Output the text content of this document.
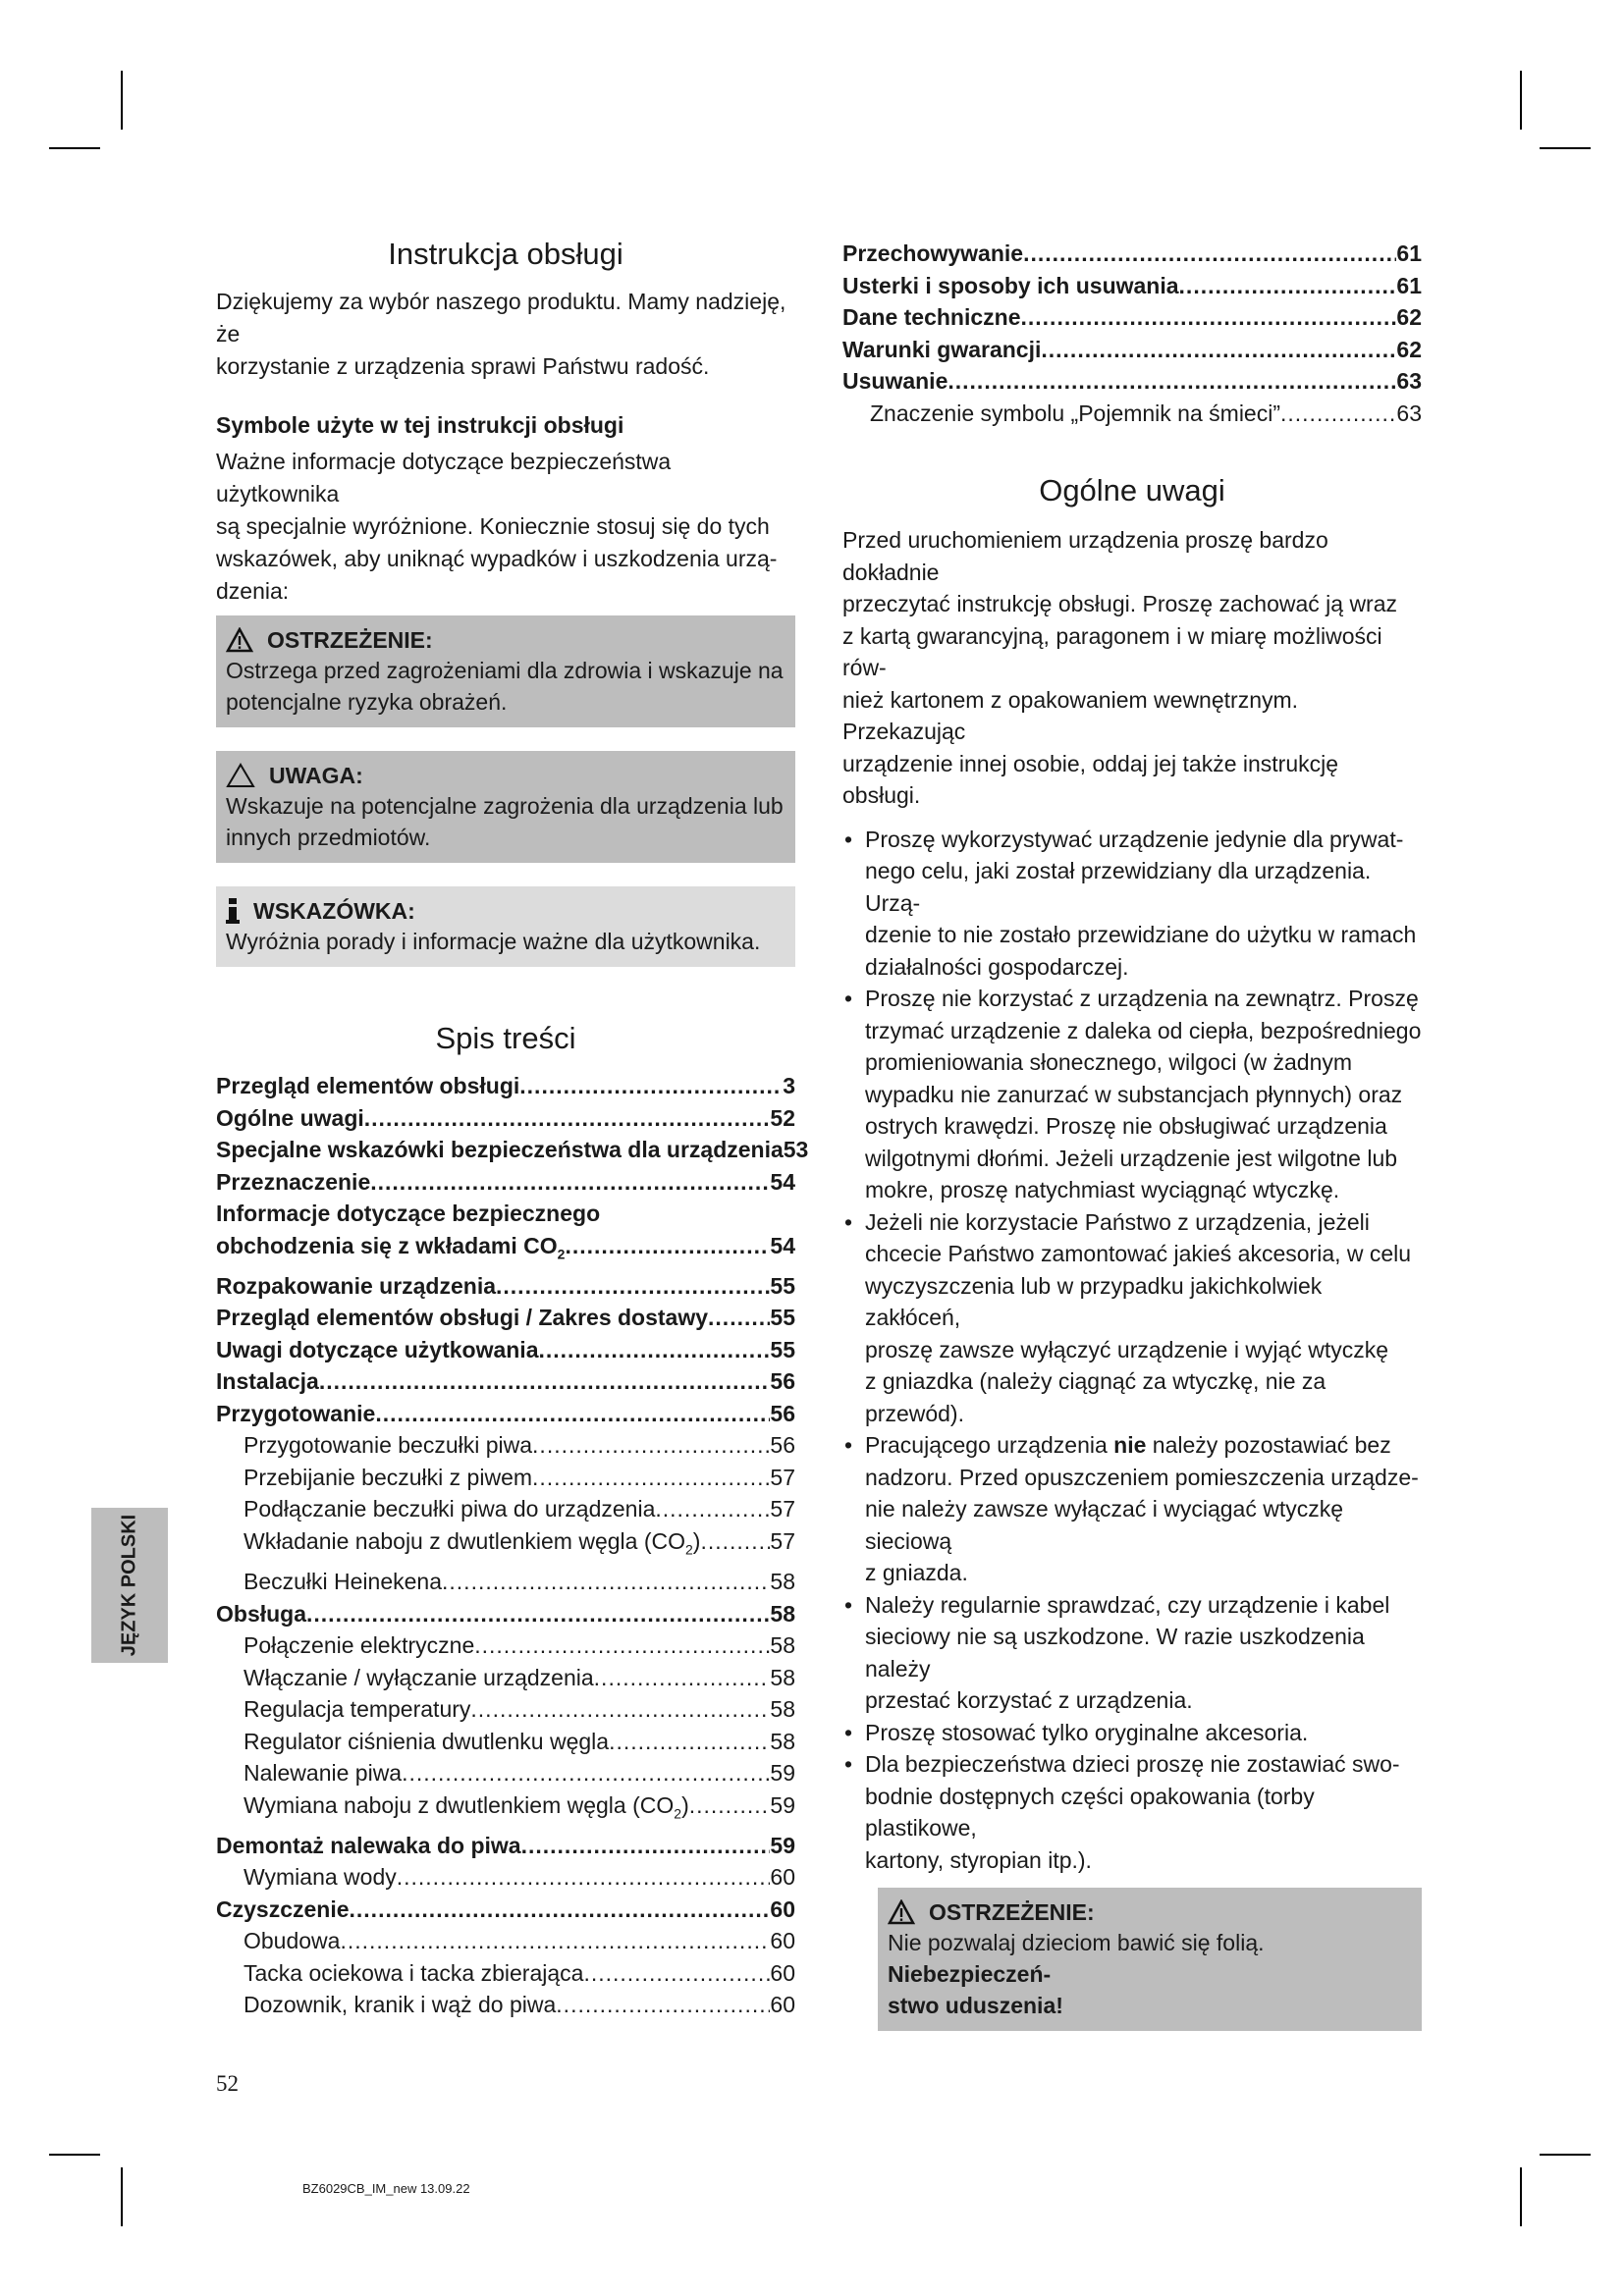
Instrukcja obsługi

Dziękujemy za wybór naszego produktu. Mamy nadzieję, że
korzystanie z urządzenia sprawi Państwu radość.

Symbole użyte w tej instrukcji obsługi

Ważne informacje dotyczące bezpieczeństwa użytkownika
są specjalnie wyróżnione. Koniecznie stosuj się do tych
wskazówek, aby uniknąć wypadków i uszkodzenia urzą-
dzenia:

OSTRZEŻENIE:
Ostrzega przed zagrożeniami dla zdrowia i wskazuje na
potencjalne ryzyka obrażeń.
UWAGA:
Wskazuje na potencjalne zagrożenia dla urządzenia lub
innych przedmiotów.
WSKAZÓWKA:
Wyróżnia porady i informacje ważne dla użytkownika.
Spis treści
Przegląd elementów obsługi .....	3
Ogólne uwagi .....	52
Specjalne wskazówki bezpieczeństwa dla urządzenia 53
Przeznaczenie .....	54
Informacje dotyczące bezpiecznego
obchodzenia się z wkładami $CO_2$ .....	54
Rozpakowanie urządzenia .....	55
Przegląd elementów obsługi / Zakres dostawy .....	55
Uwagi dotyczące użytkowania .....	55
Instalacja .....	56
Przygotowanie .....	56
Przygotowanie beczułki piwa .....	56
Przebijanie beczułki z piwem .....	57
Podłączanie beczułki piwa do urządzenia .....	57
Wkładanie naboju z dwutlenkiem węgla $(CO_2)$ .....	57
Beczułki Heinekena .....	58
Obsługa .....	58
Połączenie elektryczne .....	58
Włączanie / wyłączanie urządzenia .....	58
Regulacja temperatury .....	58
Regulator ciśnienia dwutlenku węgla .....	58
Nalewanie piwa .....	59
Wymiana naboju z dwutlenkiem węgla $(CO_2)$ .....	59
Demontaż nalewaka do piwa .....	59
Wymiana wody .....	60
Czyszczenie .....	60
Obudowa .....	60
Tacka ociekowa i tacka zbierająca .....	60
Dozownik, kranik i wąż do piwa .....	60
Przechowywanie .....	61
Usterki i sposoby ich usuwania .....	61
Dane techniczne .....	62
Warunki gwarancji .....	62
Usuwanie .....	63
Znaczenie symbolu „Pojemnik na śmieci” .....	63
Ogólne uwagi

Przed uruchomieniem urządzenia proszę bardzo dokładnie
przeczytać instrukcję obsługi. Proszę zachować ją wraz
z kartą gwarancyjną, paragonem i w miarę możliwości rów-
nież kartonem z opakowaniem wewnętrznym. Przekazując
urządzenie innej osobie, oddaj jej także instrukcję obsługi.

• Proszę wykorzystywać urządzenie jedynie dla prywat-
nego celu, jaki został przewidziany dla urządzenia. Urzą-
dzenie to nie zostało przewidziane do użytku w ramach
działalności gospodarczej.
• Proszę nie korzystać z urządzenia na zewnątrz. Proszę
trzymać urządzenie z daleka od ciepła, bezpośredniego
promieniowania słonecznego, wilgoci (w żadnym
wypadku nie zanurzać w substancjach płynnych) oraz
ostrych krawędzi. Proszę nie obsługiwać urządzenia
wilgotnymi dłońmi. Jeżeli urządzenie jest wilgotne lub
mokre, proszę natychmiast wyciągnąć wtyczkę.
• Jeżeli nie korzystacie Państwo z urządzenia, jeżeli
chcecie Państwo zamontować jakieś akcesoria, w celu
wyczyszczenia lub w przypadku jakichkolwiek zakłóceń,
proszę zawsze wyłączyć urządzenie i wyjąć wtyczkę
z gniazdka (należy ciągnąć za wtyczkę, nie za przewód).
• Pracującego urządzenia nie należy pozostawiać bez
nadzoru. Przed opuszczeniem pomieszczenia urządze-
nie należy zawsze wyłączać i wyciągać wtyczkę sieciową
z gniazda.
• Należy regularnie sprawdzać, czy urządzenie i kabel
sieciowy nie są uszkodzone. W razie uszkodzenia należy
przestać korzystać z urządzenia.
• Proszę stosować tylko oryginalne akcesoria.
• Dla bezpieczeństwa dzieci proszę nie zostawiać swo-
bodnie dostępnych części opakowania (torby plastikowe,
kartony, styropian itp.).
OSTRZEŻENIE:
Nie pozwalaj dzieciom bawić się folią. Niebezpieczeń-
stwo uduszenia!
JĘZYK POLSKI
52
BZ6029CB_IM_new 13.09.22
